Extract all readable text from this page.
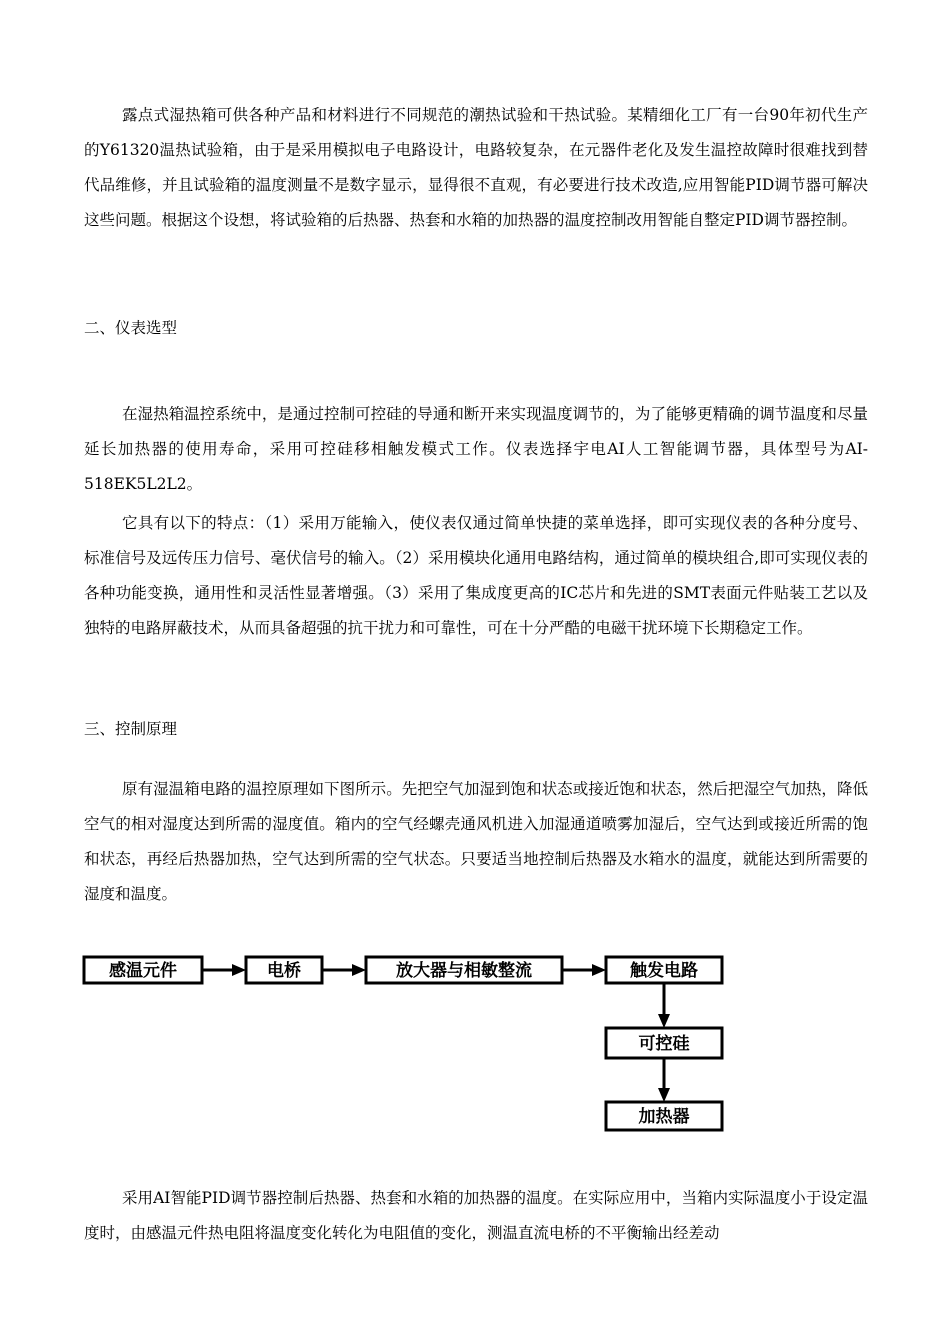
露点式湿热箱可供各种产品和材料进行不同规范的潮热试验和干热试验。某精细化工厂有一台90年初代生产的Y61320温热试验箱，由于是采用模拟电子电路设计，电路较复杂，在元器件老化及发生温控故障时很难找到替代品维修，并且试验箱的温度测量不是数字显示，显得很不直观，有必要进行技术改造,应用智能PID调节器可解决这些问题。根据这个设想，将试验箱的后热器、热套和水箱的加热器的温度控制改用智能自整定PID调节器控制。

二、仪表选型

在湿热箱温控系统中，是通过控制可控硅的导通和断开来实现温度调节的，为了能够更精确的调节温度和尽量延长加热器的使用寿命，采用可控硅移相触发模式工作。仪表选择宇电AI人工智能调节器，具体型号为AI-518EK5L2L2。

它具有以下的特点：（1）采用万能输入，使仪表仅通过简单快捷的菜单选择，即可实现仪表的各种分度号、标准信号及远传压力信号、毫伏信号的输入。（2）采用模块化通用电路结构，通过简单的模块组合,即可实现仪表的各种功能变换，通用性和灵活性显著增强。（3）采用了集成度更高的IC芯片和先进的SMT表面元件贴装工艺以及独特的电路屏蔽技术，从而具备超强的抗干扰力和可靠性，可在十分严酷的电磁干扰环境下长期稳定工作。

三、控制原理

原有湿温箱电路的温控原理如下图所示。先把空气加湿到饱和状态或接近饱和状态，然后把湿空气加热，降低空气的相对湿度达到所需的湿度值。箱内的空气经螺壳通风机进入加湿通道喷雾加湿后，空气达到或接近所需的饱和状态，再经后热器加热，空气达到所需的空气状态。只要适当地控制后热器及水箱水的温度，就能达到所需要的湿度和温度。

感温元件	电桥	放大器与相敏整流	触发电路
可控硅
加热器

采用AI智能PID调节器控制后热器、热套和水箱的加热器的温度。在实际应用中，当箱内实际温度小于设定温度时，由感温元件热电阻将温度变化转化为电阻值的变化，测温直流电桥的不平衡输出经差动
